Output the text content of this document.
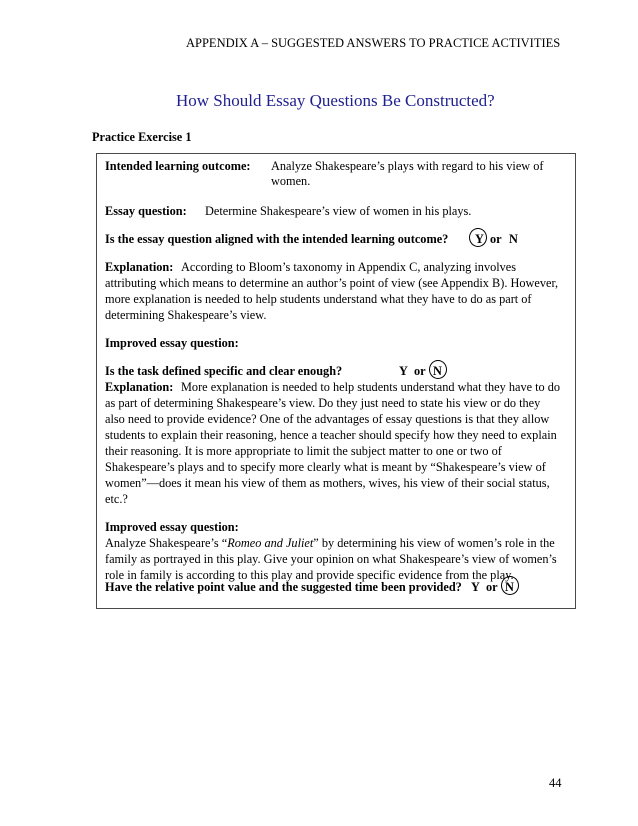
APPENDIX A – SUGGESTED ANSWERS TO PRACTICE ACTIVITIES
How Should Essay Questions Be Constructed?
Practice Exercise 1
Intended learning outcome: Analyze Shakespeare’s plays with regard to his view of
women.
Essay question: Determine Shakespeare’s view of women in his plays.
Is the essay question aligned with the intended learning outcome? Y or N
Explanation: According to Bloom’s taxonomy in Appendix C, analyzing involves
attributing which means to determine an author’s point of view (see Appendix B). However,
more explanation is needed to help students understand what they have to do as part of
determining Shakespeare’s view.
Improved essay question:
Is the task defined specific and clear enough?	Y or N
Explanation: More explanation is needed to help students understand what they have to do
as part of determining Shakespeare’s view. Do they just need to state his view or do they
also need to provide evidence? One of the advantages of essay questions is that they allow
students to explain their reasoning, hence a teacher should specify how they need to explain
their reasoning. It is more appropriate to limit the subject matter to one or two of
Shakespeare’s plays and to specify more clearly what is meant by “Shakespeare’s view of
women”—does it mean his view of them as mothers, wives, his view of their social status,
etc.?
Improved essay question:
Analyze Shakespeare’s “Romeo and Juliet” by determining his view of women’s role in the
family as portrayed in this play. Give your opinion on what Shakespeare’s view of women’s
role in family is according to this play and provide specific evidence from the play.
Have the relative point value and the suggested time been provided? Y or N
44
